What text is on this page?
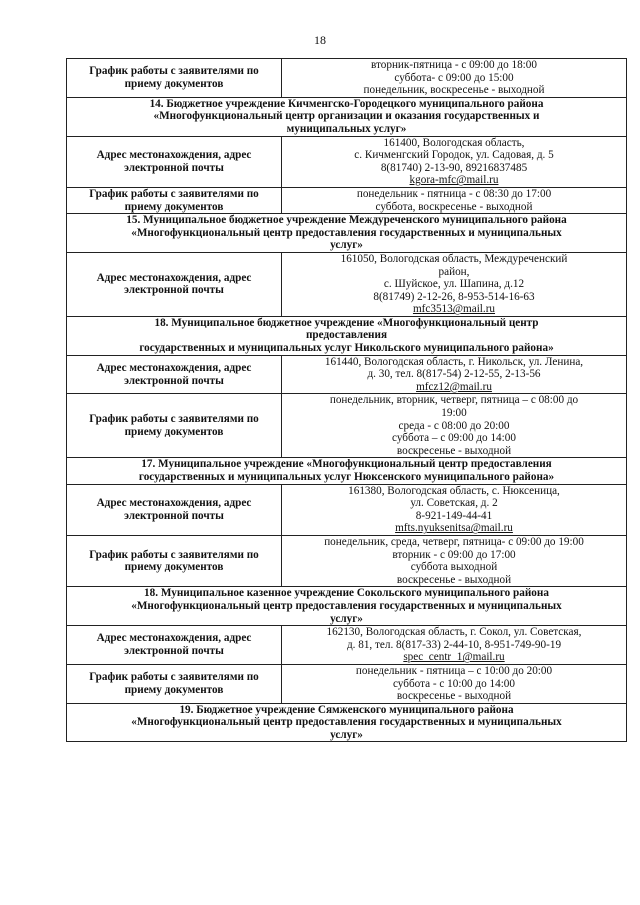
18
График работы с заявителями по приему документов	вторник-пятница - с 09:00 до 18:00
суббота- с 09:00 до 15:00
понедельник, воскресенье - выходной

14. Бюджетное учреждение Кичменгско-Городецкого муниципального района
«Многофункциональный центр организации и оказания государственных и
муниципальных услуг»	

Адрес местонахождения, адрес электронной почты	161400, Вологодская область,
с. Кичменгский Городок, ул. Садовая, д. 5
8(81740) 2-13-90, 89216837485
kgora-mfc@mail.ru

График работы с заявителями по приему документов	понедельник - пятница - с 08:30 до 17:00
суббота, воскресенье - выходной

15. Муниципальное бюджетное учреждение Междуреченского муниципального района
«Многофункциональный центр предоставления государственных и муниципальных
услуг»	

Адрес местонахождения, адрес электронной почты	161050, Вологодская область, Междуреченский
район,
с. Шуйское, ул. Шапина, д.12
8(81749) 2-12-26, 8-953-514-16-63
mfc3513@mail.ru

18. Муниципальное бюджетное учреждение «Многофункциональный центр
предоставления
государственных и муниципальных услуг Никольского муниципального района»	

Адрес местонахождения, адрес электронной почты	161440, Вологодская область, г. Никольск, ул. Ленина,
д. 30, тел. 8(817-54) 2-12-55, 2-13-56
mfcz12@mail.ru

График работы с заявителями по приему документов	понедельник, вторник, четверг, пятница – с 08:00 до
19:00
среда - с 08:00 до 20:00
суббота – с 09:00 до 14:00
воскресенье - выходной

17. Муниципальное учреждение «Многофункциональный центр предоставления
государственных и муниципальных услуг Нюксенского муниципального района»	

Адрес местонахождения, адрес электронной почты	161380, Вологодская область, с. Нюксеница,
ул. Советская, д. 2
8-921-149-44-41
mfts.nyuksenitsa@mail.ru

График работы с заявителями по приему документов	понедельник, среда, четверг, пятница- с 09:00 до 19:00
вторник - с 09:00 до 17:00
суббота выходной
воскресенье - выходной

18. Муниципальное казенное учреждение Сокольского муниципального района
«Многофункциональный центр предоставления государственных и муниципальных
услуг»	

Адрес местонахождения, адрес электронной почты	162130, Вологодская область, г. Сокол, ул. Советская,
д. 81, тел. 8(817-33) 2-44-10, 8-951-749-90-19
spec_centr_1@mail.ru

График работы с заявителями по приему документов	понедельник - пятница – с 10:00 до 20:00
суббота - с 10:00 до 14:00
воскресенье - выходной

19. Бюджетное учреждение Сямженского муниципального района
«Многофункциональный центр предоставления государственных и муниципальных
услуг»	
